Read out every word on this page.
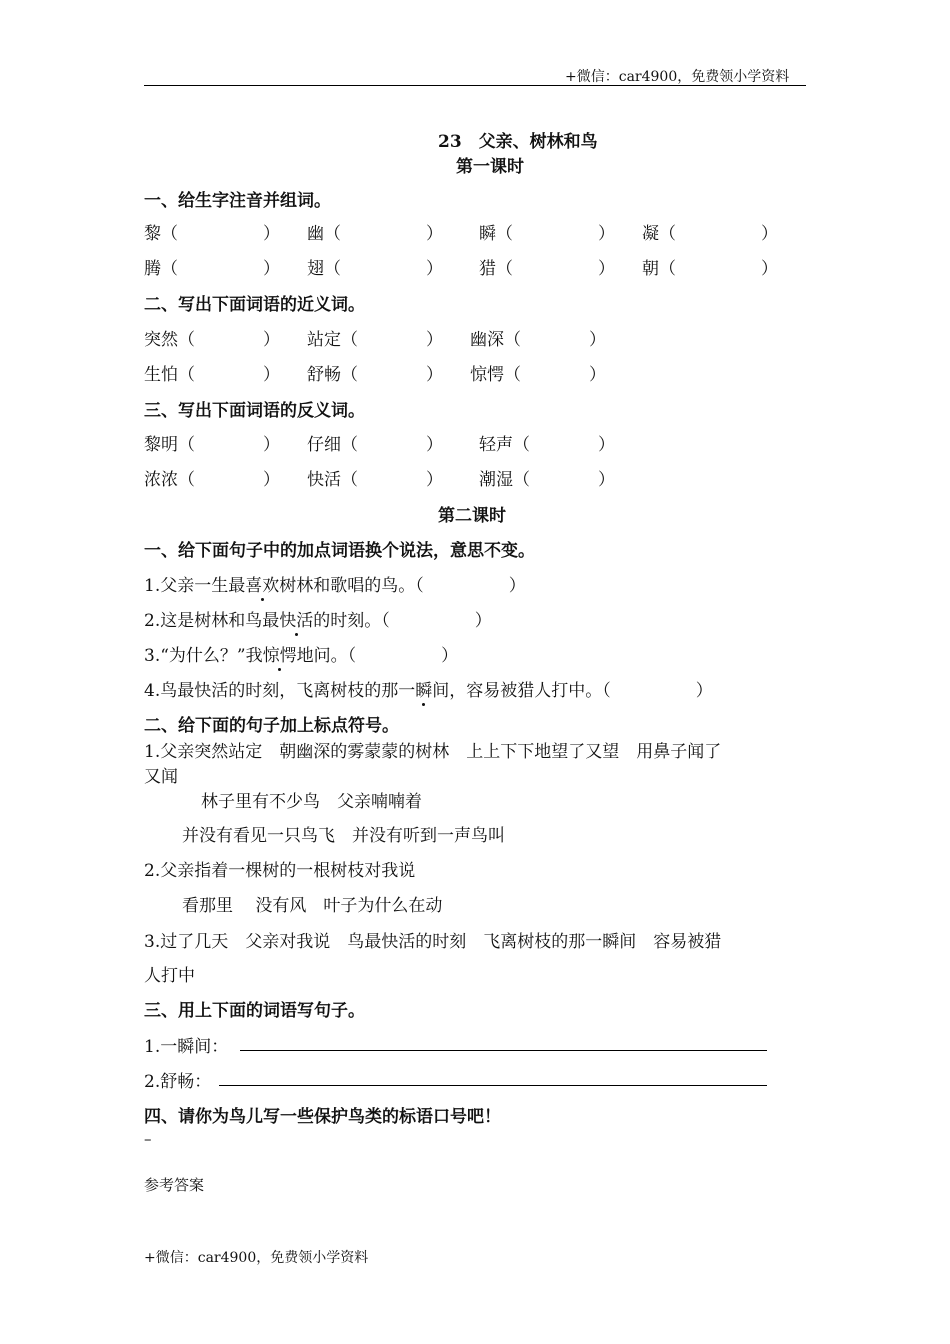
+微信：car4900，免费领小学资料
23　父亲、树林和鸟
第一课时
一、给生字注音并组词。
黎（　　　　　） 幽（　　　　　） 瞬（　　　　　） 凝（　　　　　）
腾（　　　　　） 翅（　　　　　） 猎（　　　　　） 朝（　　　　　）
二、写出下面词语的近义词。
突然（　　　　） 站定（　　　　） 幽深（　　　　）
生怕（　　　　） 舒畅（　　　　） 惊愕（　　　　）
三、写出下面词语的反义词。
黎明（　　　　） 仔细（　　　　） 轻声（　　　　）
浓浓（　　　　） 快活（　　　　） 潮湿（　　　　）
第二课时
一、给下面句子中的加点词语换个说法，意思不变。
1.父亲一生最喜欢树林和歌唱的鸟。（　　　　　）
2.这是树林和鸟最快活的时刻。（　　　　　）
3.“为什么？”我惊愕地问。（　　　　　）
4.鸟最快活的时刻，飞离树枝的那一瞬间，容易被猎人打中。（　　　　　）
二、给下面的句子加上标点符号。
1.父亲突然站定　朝幽深的雾蒙蒙的树林　上上下下地望了又望　用鼻子闻了
又闻
林子里有不少鸟　父亲喃喃着
并没有看见一只鸟飞　并没有听到一声鸟叫
2.父亲指着一棵树的一根树枝对我说
看那里　 没有风　叶子为什么在动
3.过了几天　父亲对我说　鸟最快活的时刻　飞离树枝的那一瞬间　容易被猎
人打中
三、用上下面的词语写句子。
1.一瞬间：
2.舒畅：
四、请你为鸟儿写一些保护鸟类的标语口号吧！
–
参考答案
+微信：car4900，免费领小学资料
